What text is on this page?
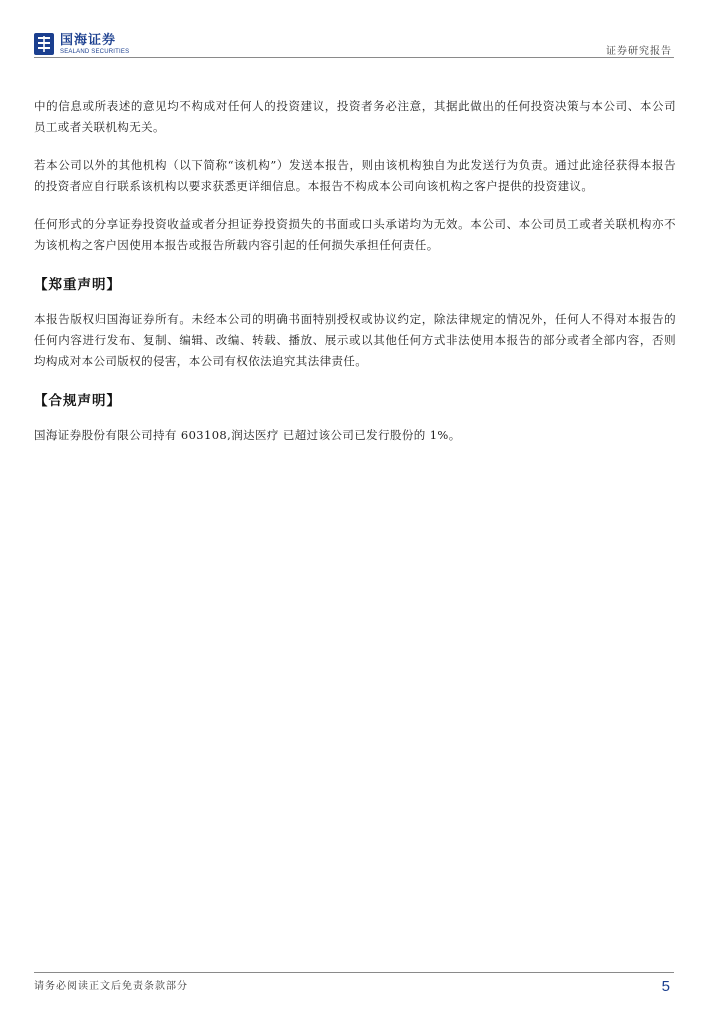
国海证券
SEALAND SECURITIES	证券研究报告

中的信息或所表述的意见均不构成对任何人的投资建议，投资者务必注意，其据此做出的任何投资决策与本公司、本公司员工或者关联机构无关。

若本公司以外的其他机构（以下简称“该机构”）发送本报告，则由该机构独自为此发送行为负责。通过此途径获得本报告的投资者应自行联系该机构以要求获悉更详细信息。本报告不构成本公司向该机构之客户提供的投资建议。

任何形式的分享证券投资收益或者分担证券投资损失的书面或口头承诺均为无效。本公司、本公司员工或者关联机构亦不为该机构之客户因使用本报告或报告所载内容引起的任何损失承担任何责任。

【郑重声明】

本报告版权归国海证券所有。未经本公司的明确书面特别授权或协议约定，除法律规定的情况外，任何人不得对本报告的任何内容进行发布、复制、编辑、改编、转载、播放、展示或以其他任何方式非法使用本报告的部分或者全部内容，否则均构成对本公司版权的侵害，本公司有权依法追究其法律责任。

【合规声明】

国海证券股份有限公司持有 603108,润达医疗 已超过该公司已发行股份的 1%。

请务必阅读正文后免责条款部分	5
